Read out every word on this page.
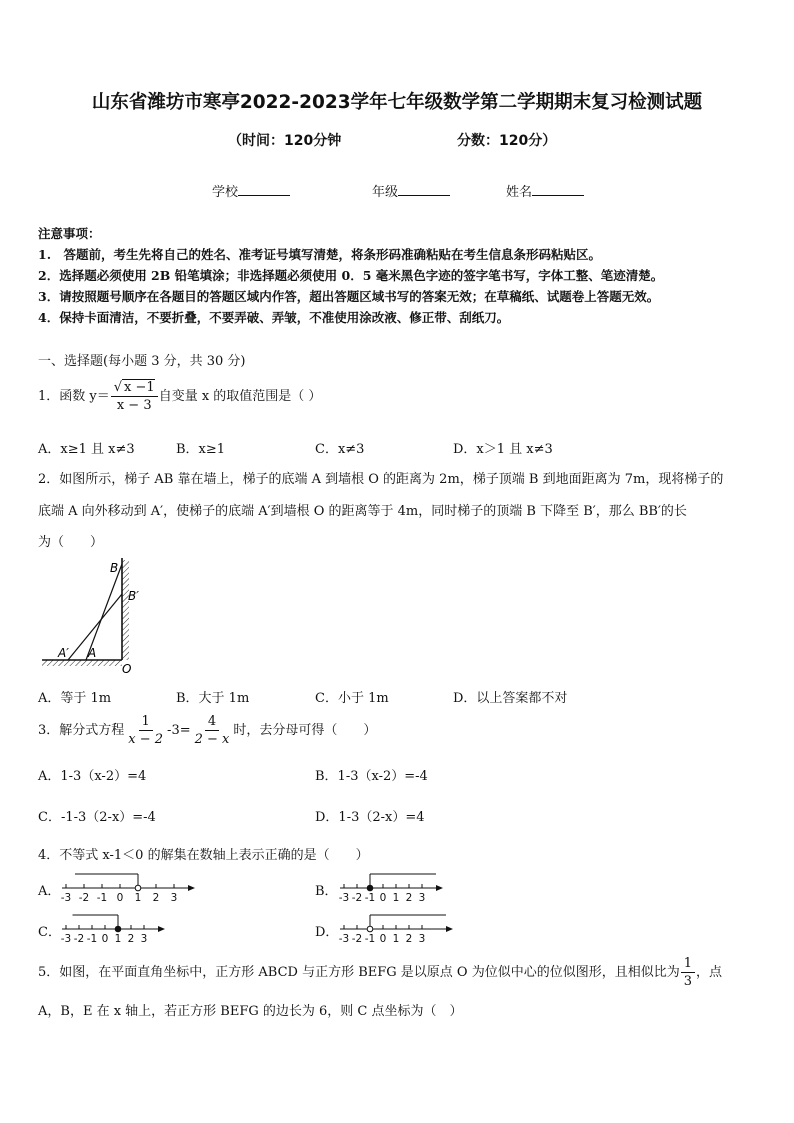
山东省潍坊市寒亭2022-2023学年七年级数学第二学期期末复习检测试题
（时间：120分钟	分数：120分）
学校	年级	姓名
注意事项：
1.　答题前，考生先将自己的姓名、准考证号填写清楚，将条形码准确粘贴在考生信息条形码粘贴区。
2．选择题必须使用 2B 铅笔填涂；非选择题必须使用 0．5 毫米黑色字迹的签字笔书写，字体工整、笔迹清楚。
3．请按照题号顺序在各题目的答题区域内作答，超出答题区域书写的答案无效；在草稿纸、试题卷上答题无效。
4．保持卡面清洁，不要折叠，不要弄破、弄皱，不准使用涂改液、修正带、刮纸刀。
一、选择题(每小题 3 分，共 30 分)
1．函数 $y= \frac{√ x -1}{x - 3}$ 自变量 x 的取值范围是（ ）
A．x≥1 且 x≠3	B．x≥1	C．x≠3	D．x＞1 且 x≠3
2．如图所示，梯子 AB 靠在墙上，梯子的底端 A 到墙根 O 的距离为 2m，梯子顶端 B 到地面距离为 7m，现将梯子的
底端 A 向外移动到 A′，使梯子的底端 A′到墙根 O 的距离等于 4m，同时梯子的顶端 B 下降至 B′，那么 BB′的长
为（　　）
B
B′
A′ A
O
A．等于 1m	B．大于 1m	C．小于 1m	D．以上答案都不对
3．解分式方程 $\frac{1}{x - 2} -3= \frac{4}{2 - x}$ 时，去分母可得（　　）
A．1-3（x-2）=4	B．1-3（x-2）=-4
C．-1-3（2-x）=-4	D．1-3（2-x）=4
4．不等式 x-1＜0 的解集在数轴上表示正确的是（　　）
A．	B．
C．	D．
-3 -2 -1 0 1 2 3	-3 -2 -1 0 1 2 3
-3 -2 -1 0 1 2 3	-3 -2 -1 0 1 2 3
5．如图，在平面直角坐标中，正方形 ABCD 与正方形 BEFG 是以原点 O 为位似中心的位似图形，且相似比为 $\frac{1}{3}$ ，点
A，B，E 在 x 轴上，若正方形 BEFG 的边长为 6，则 C 点坐标为（　）
